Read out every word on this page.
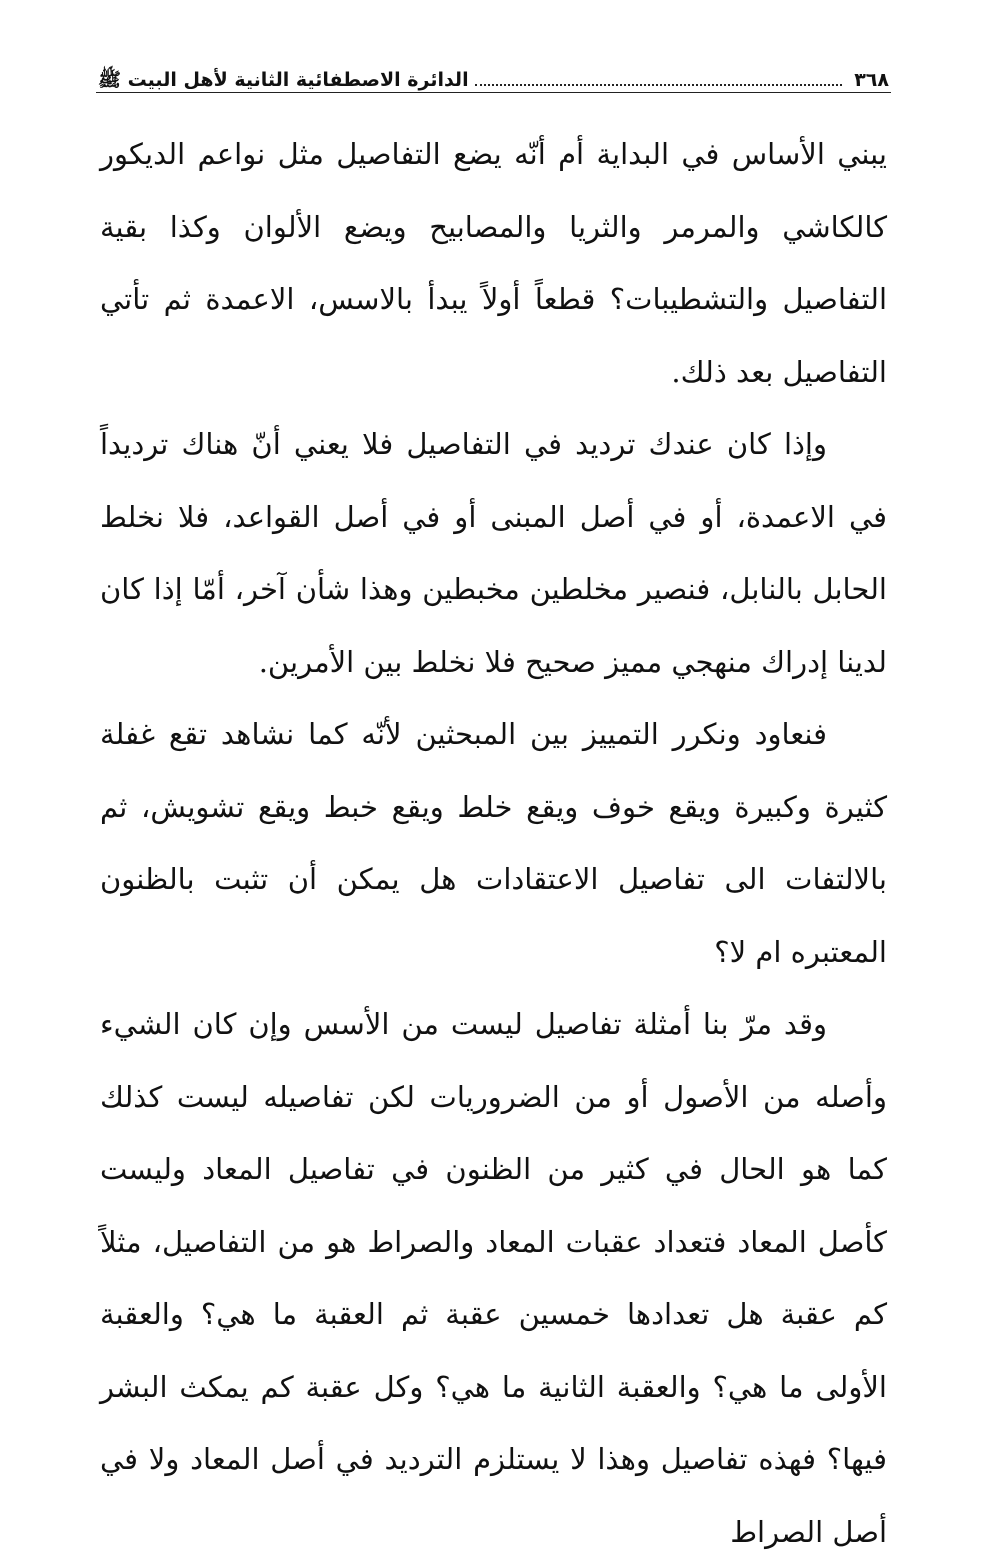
٣٦٨
الدائرة الاصطفائية الثانية لأهل البيت ﷺ

يبني الأساس في البداية أم أنّه يضع التفاصيل مثل نواعم الديكور كالكاشي والمرمر والثريا والمصابيح ويضع الألوان وكذا بقية التفاصيل والتشطيبات؟ قطعاً أولاً يبدأ بالاسس، الاعمدة ثم تأتي التفاصيل بعد ذلك.

وإذا كان عندك ترديد في التفاصيل فلا يعني أنّ هناك ترديداً في الاعمدة، أو في أصل المبنى أو في أصل القواعد، فلا نخلط الحابل بالنابل، فنصير مخلطين مخبطين وهذا شأن آخر، أمّا إذا كان لدينا إدراك منهجي مميز صحيح فلا نخلط بين الأمرين.

فنعاود ونكرر التمييز بين المبحثين لأنّه كما نشاهد تقع غفلة كثيرة وكبيرة ويقع خوف ويقع خلط ويقع خبط ويقع تشويش، ثم بالالتفات الى تفاصيل الاعتقادات هل يمكن أن تثبت بالظنون المعتبره ام لا؟

وقد مرّ بنا أمثلة تفاصيل ليست من الأسس وإن كان الشيء وأصله من الأصول أو من الضروريات لكن تفاصيله ليست كذلك كما هو الحال في كثير من الظنون في تفاصيل المعاد وليست كأصل المعاد فتعداد عقبات المعاد والصراط هو من التفاصيل، مثلاً كم عقبة هل تعدادها خمسين عقبة ثم العقبة ما هي؟ والعقبة الأولى ما هي؟ والعقبة الثانية ما هي؟ وكل عقبة كم يمكث البشر فيها؟ فهذه تفاصيل وهذا لا يستلزم الترديد في أصل المعاد ولا في أصل الصراط
